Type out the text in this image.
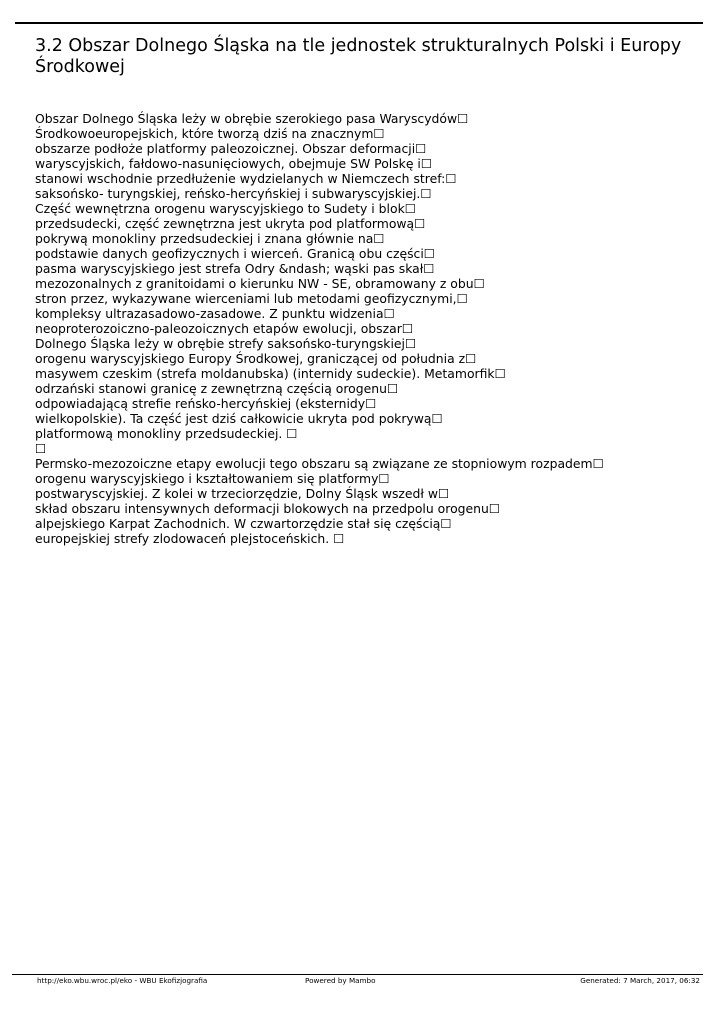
3.2 Obszar Dolnego Śląska na tle jednostek strukturalnych Polski i Europy Środkowej
Obszar Dolnego Śląska leży w obrębie szerokiego pasa Waryscydów☐
Środkowoeuropejskich, które tworzą dziś na znacznym☐
obszarze podłoże platformy paleozoicznej. Obszar deformacji☐
waryscyjskich, fałdowo-nasunięciowych, obejmuje SW Polskę i☐
stanowi wschodnie przedłużenie wydzielanych w Niemczech stref:☐
saksońsko- turyngskiej, reńsko-hercyńskiej i subwaryscyjskiej.☐
Część wewnętrzna orogenu waryscyjskiego to Sudety i blok☐
przedsudecki, część zewnętrzna jest ukryta pod platformową☐
pokrywą monokliny przedsudeckiej i znana głównie na☐
podstawie danych geofizycznych i wierceń. Granicą obu części☐
pasma waryscyjskiego jest strefa Odry &ndash; wąski pas skał☐
mezozonalnych z granitoidami o kierunku NW - SE, obramowany z obu☐
stron przez, wykazywane wierceniami lub metodami geofizycznymi,☐
kompleksy ultrazasadowo-zasadowe. Z punktu widzenia☐
neoproterozoiczno-paleozoicznych etapów ewolucji, obszar☐
Dolnego Śląska leży w obrębie strefy saksońsko-turyngskiej☐
orogenu waryscyjskiego Europy Środkowej, graniczącej od południa z☐
masywem czeskim (strefa moldanubska) (internidy sudeckie). Metamorfik☐
odrzański stanowi granicę z zewnętrzną częścią orogenu☐
odpowiadającą strefie reńsko-hercyńskiej (eksternidy☐
wielkopolskie). Ta część jest dziś całkowicie ukryta pod pokrywą☐
platformową monokliny przedsudeckiej. ☐
☐
Permsko-mezozoiczne etapy ewolucji tego obszaru są związane ze stopniowym rozpadem☐
orogenu waryscyjskiego i kształtowaniem się platformy☐
postwaryscyjskiej. Z kolei w trzeciorzędzie, Dolny Śląsk wszedł w☐
skład obszaru intensywnych deformacji blokowych na przedpolu orogenu☐
alpejskiego Karpat Zachodnich. W czwartorzędzie stał się częścią☐
europejskiej strefy zlodowaceń plejstoceńskich. ☐
http://eko.wbu.wroc.pl/eko - WBU Ekofizjografia	Powered by Mambo	Generated: 7 March, 2017, 06:32
